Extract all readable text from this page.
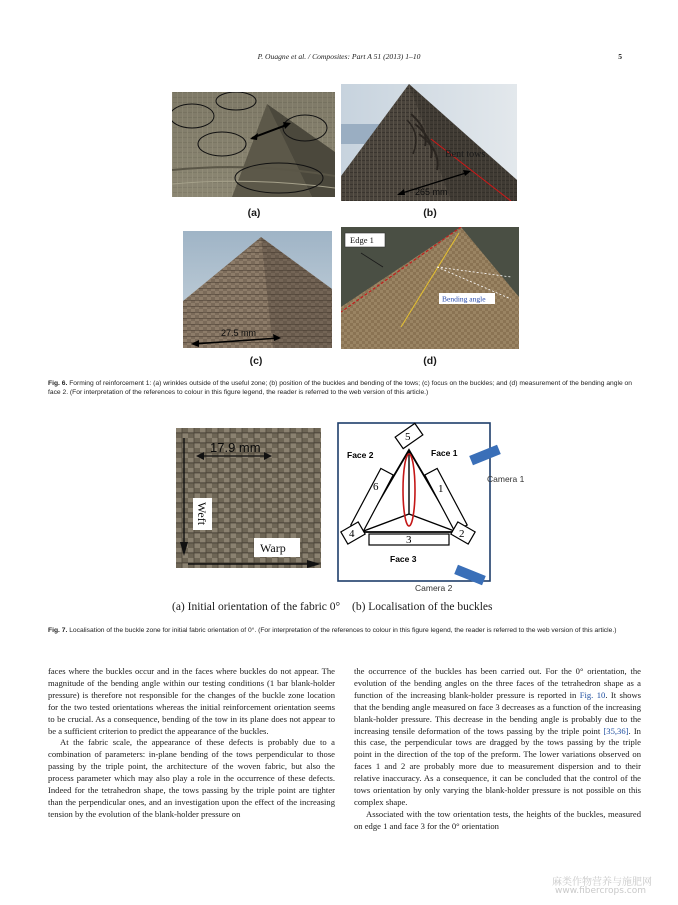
P. Ouagne et al. / Composites: Part A 51 (2013) 1–10	5
(a)
Bent tows
265 mm
(b)
27.5 mm
(c)
Edge 1
Bending angle
(d)
Fig. 6. Forming of reinforcement 1: (a) wrinkles outside of the useful zone; (b) position of the buckles and bending of the tows; (c) focus on the buckles; and (d) measurement of the bending angle on face 2. (For interpretation of the references to colour in this figure legend, the reader is referred to the web version of this article.)
17.9 mm
Weft
Warp
5
6	1
4	3	2
Face 2	Face 1
Face 3
Camera 1
Camera 2
(a) Initial orientation of the fabric 0° (b) Localisation of the buckles
Fig. 7. Localisation of the buckle zone for initial fabric orientation of 0°. (For interpretation of the references to colour in this figure legend, the reader is referred to the web version of this article.)

faces where the buckles occur and in the faces where buckles do not appear. The magnitude of the bending angle within our testing conditions (1 bar blank-holder pressure) is therefore not responsible for the changes of the buckle zone location for the two tested orientations whereas the initial reinforcement orientation seems to be crucial. As a consequence, bending of the tow in its plane does not appear to be a sufficient criterion to predict the appearance of the buckles.

At the fabric scale, the appearance of these defects is probably due to a combination of parameters: in-plane bending of the tows perpendicular to those passing by the triple point, the architecture of the woven fabric, but also the process parameter which may also play a role in the occurrence of these defects. Indeed for the tetrahedron shape, the tows passing by the triple point are tighter than the perpendicular ones, and an investigation upon the effect of the increasing tension by the evolution of the blank-holder pressure on

the occurrence of the buckles has been carried out. For the 0° orientation, the evolution of the bending angles on the three faces of the tetrahedron shape as a function of the increasing blank-holder pressure is reported in Fig. 10. It shows that the bending angle measured on face 3 decreases as a function of the increasing blank-holder pressure. This decrease in the bending angle is probably due to the increasing tensile deformation of the tows passing by the triple point [35,36]. In this case, the perpendicular tows are dragged by the tows passing by the triple point in the direction of the top of the preform. The lower variations observed on faces 1 and 2 are probably more due to measurement dispersion and to their relative inaccuracy. As a consequence, it can be concluded that the control of the tows orientation by only varying the blank-holder pressure is not possible on this complex shape.

Associated with the tow orientation tests, the heights of the buckles, measured on edge 1 and face 3 for the 0° orientation

麻类作物营养与施肥网
www.fibercrops.com
